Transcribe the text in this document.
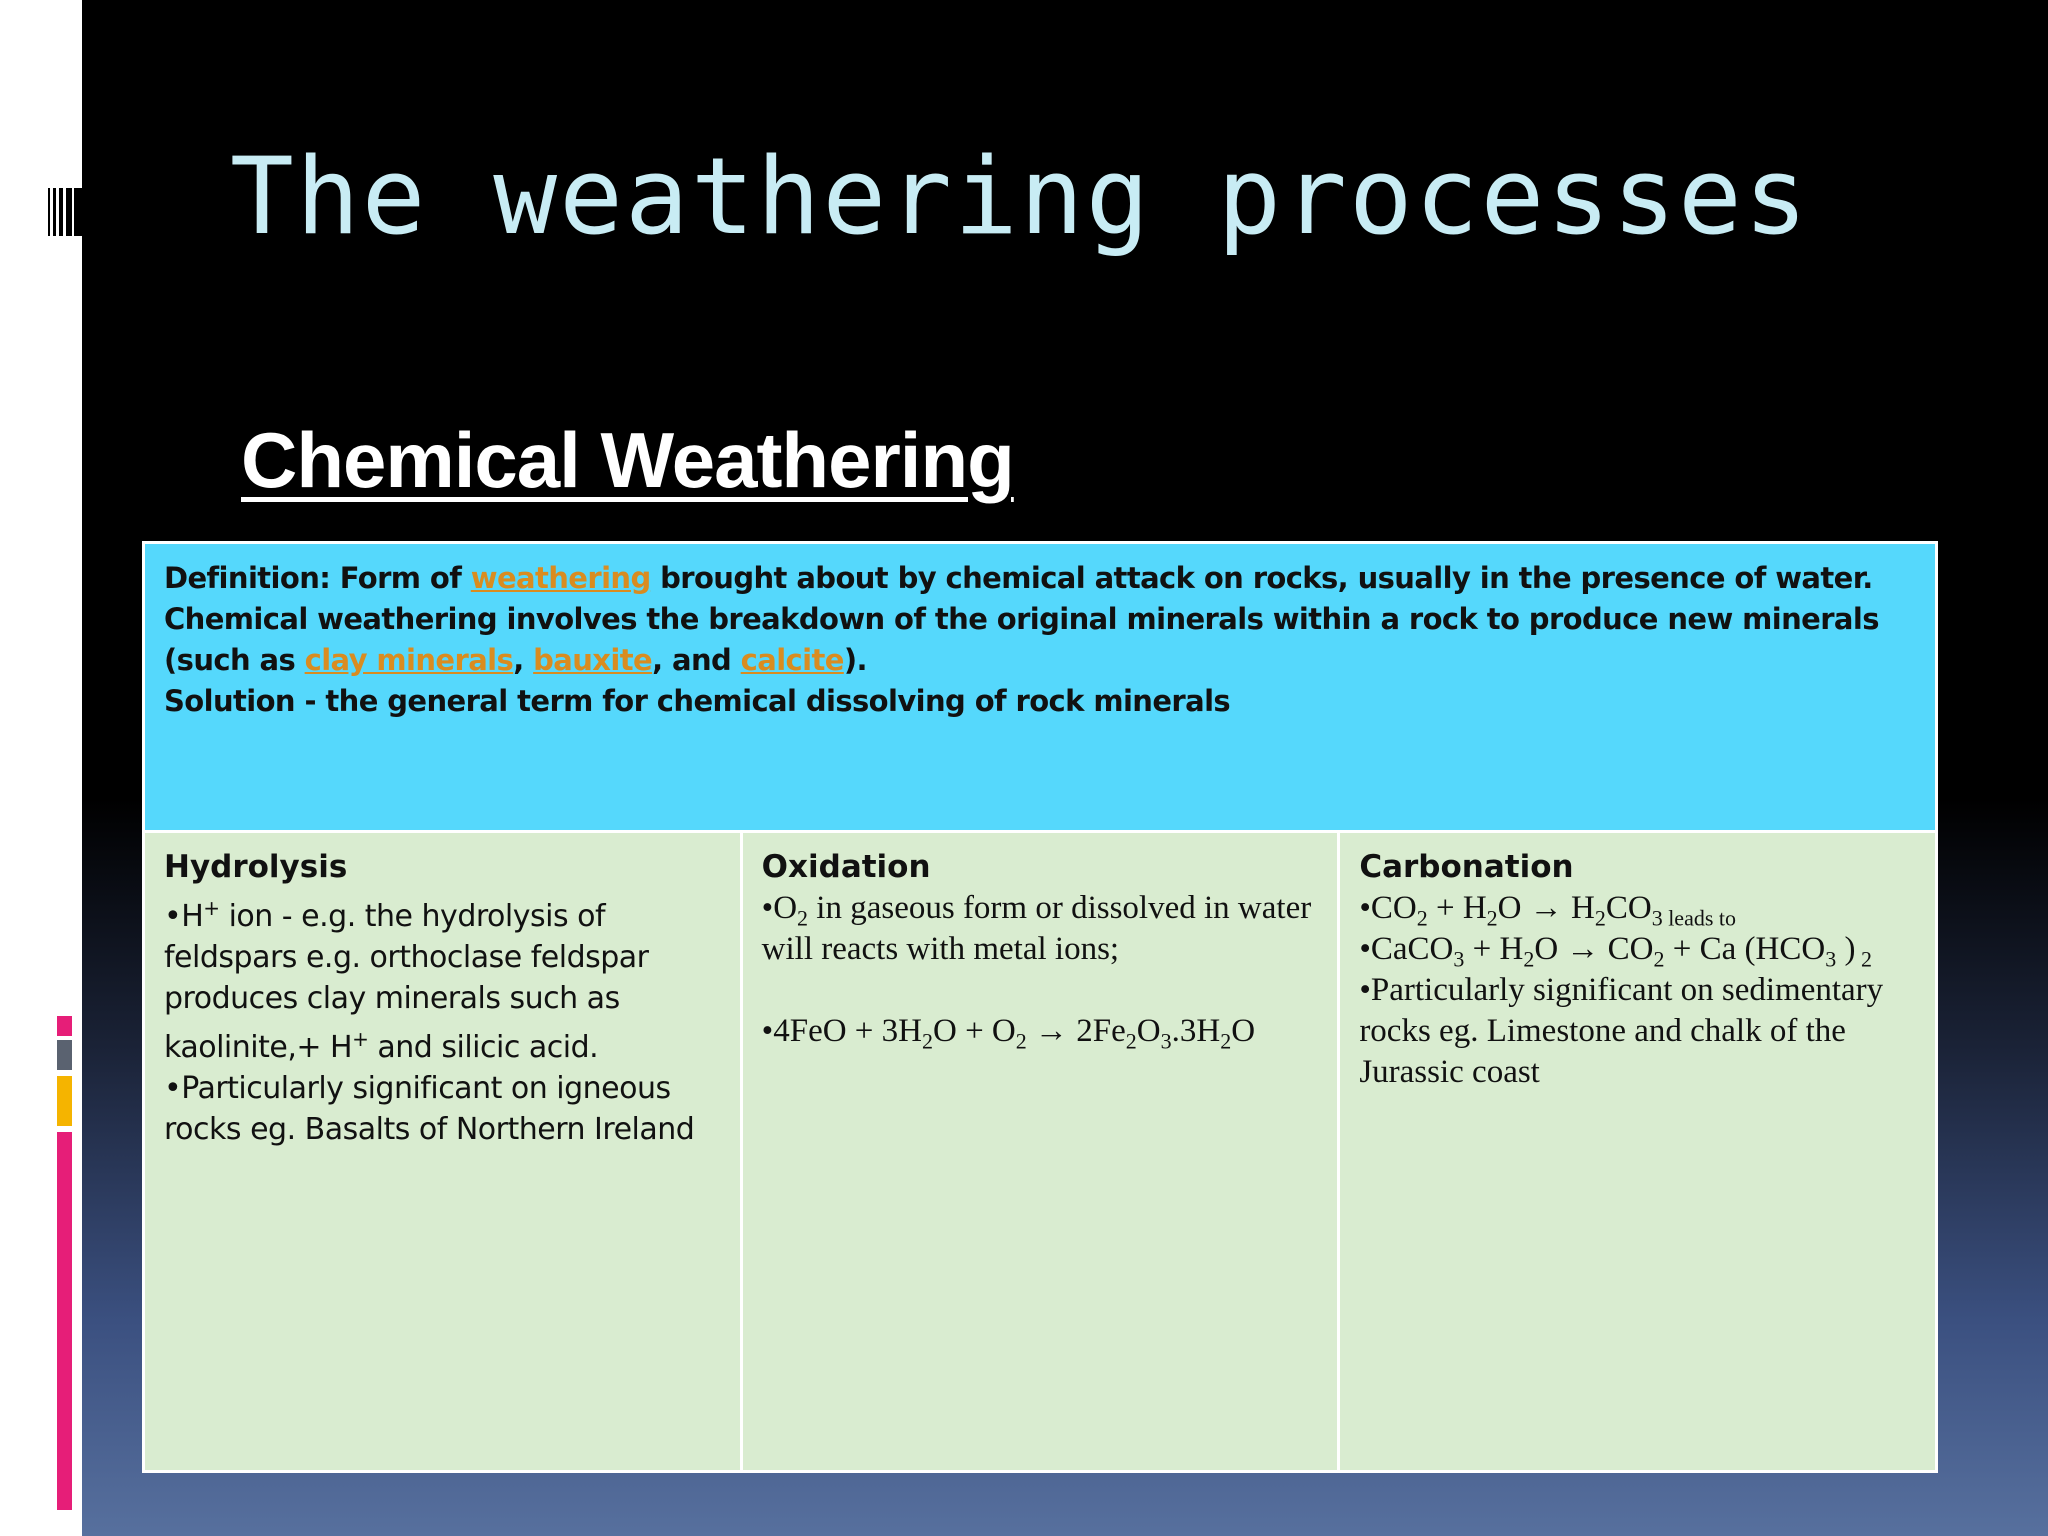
The weathering processes
Chemical Weathering
Definition: Form of weathering brought about by chemical attack on rocks, usually in the presence of water. Chemical weathering involves the breakdown of the original minerals within a rock to produce new minerals (such as clay minerals, bauxite, and calcite).
Solution - the general term for chemical dissolving of rock minerals

Hydrolysis
•H+ ion - e.g. the hydrolysis of feldspars e.g. orthoclase feldspar produces clay minerals such as kaolinite,+ H+ and silicic acid.
•Particularly significant on igneous rocks eg. Basalts of Northern Ireland

Oxidation
$•O_2$ in gaseous form or dissolved in water will reacts with metal ions;
•4FeO + $3H_2O + O_2 \to 2Fe_2O_3.3H_2O$

Carbonation
$•CO_2 + H_2O \to H_2CO_3$ $_{leads to}$
•CaCO$_3$ + $H_2O \to CO_2 + Ca$ ($HCO_3$ ) $_2$
•Particularly significant on sedimentary rocks eg. Limestone and chalk of the Jurassic coast
